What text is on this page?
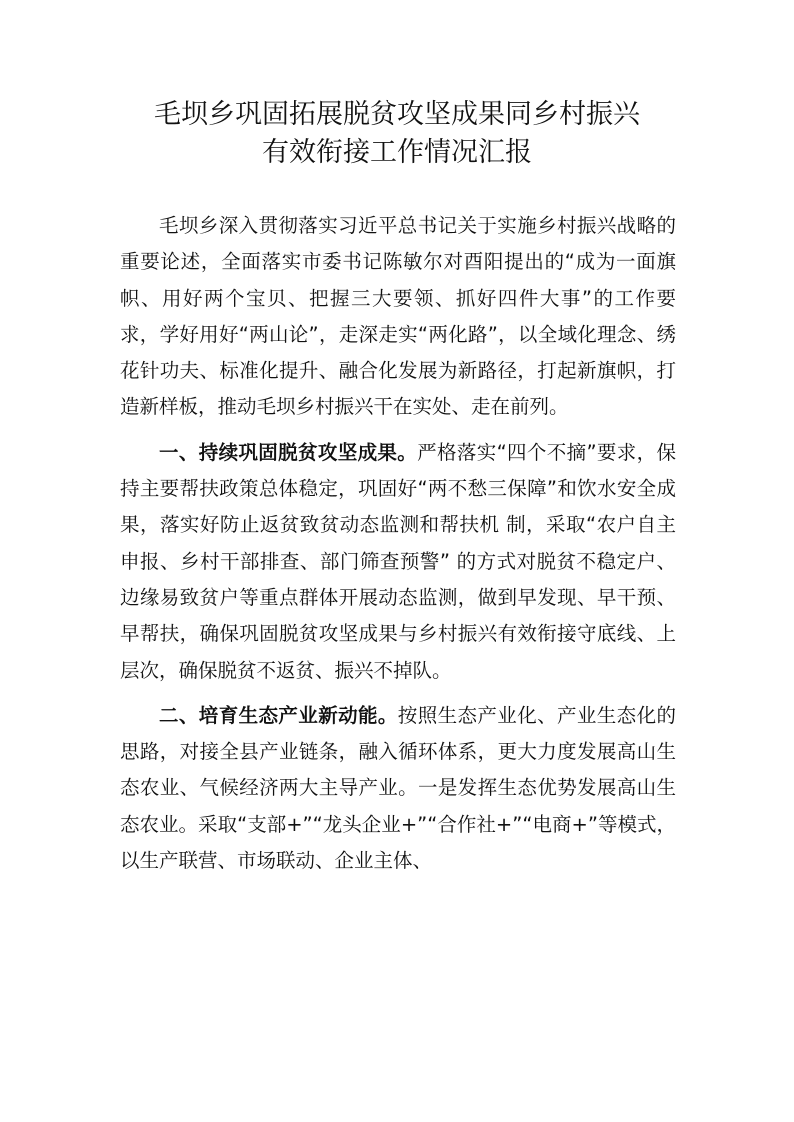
毛坝乡巩固拓展脱贫攻坚成果同乡村振兴
有效衔接工作情况汇报

毛坝乡深入贯彻落实习近平总书记关于实施乡村振兴战略的重要论述，全面落实市委书记陈敏尔对酉阳提出的“成为一面旗帜、用好两个宝贝、把握三大要领、抓好四件大事”的工作要求，学好用好“两山论”，走深走实“两化路”，以全域化理念、绣花针功夫、标准化提升、融合化发展为新路径，打起新旗帜，打造新样板，推动毛坝乡村振兴干在实处、走在前列。

一、持续巩固脱贫攻坚成果。严格落实“四个不摘”要求，保持主要帮扶政策总体稳定，巩固好“两不愁三保障”和饮水安全成果，落实好防止返贫致贫动态监测和帮扶机 制，采取“农户自主申报、乡村干部排查、部门筛查预警” 的方式对脱贫不稳定户、边缘易致贫户等重点群体开展动态监测，做到早发现、早干预、早帮扶，确保巩固脱贫攻坚成果与乡村振兴有效衔接守底线、上层次，确保脱贫不返贫、振兴不掉队。

二、培育生态产业新动能。按照生态产业化、产业生态化的思路，对接全县产业链条，融入循环体系，更大力度发展高山生态农业、气候经济两大主导产业。一是发挥生态优势发展高山生态农业。采取“支部+”“龙头企业+”“合作社+”“电商+”等模式，以生产联营、市场联动、企业主体、
